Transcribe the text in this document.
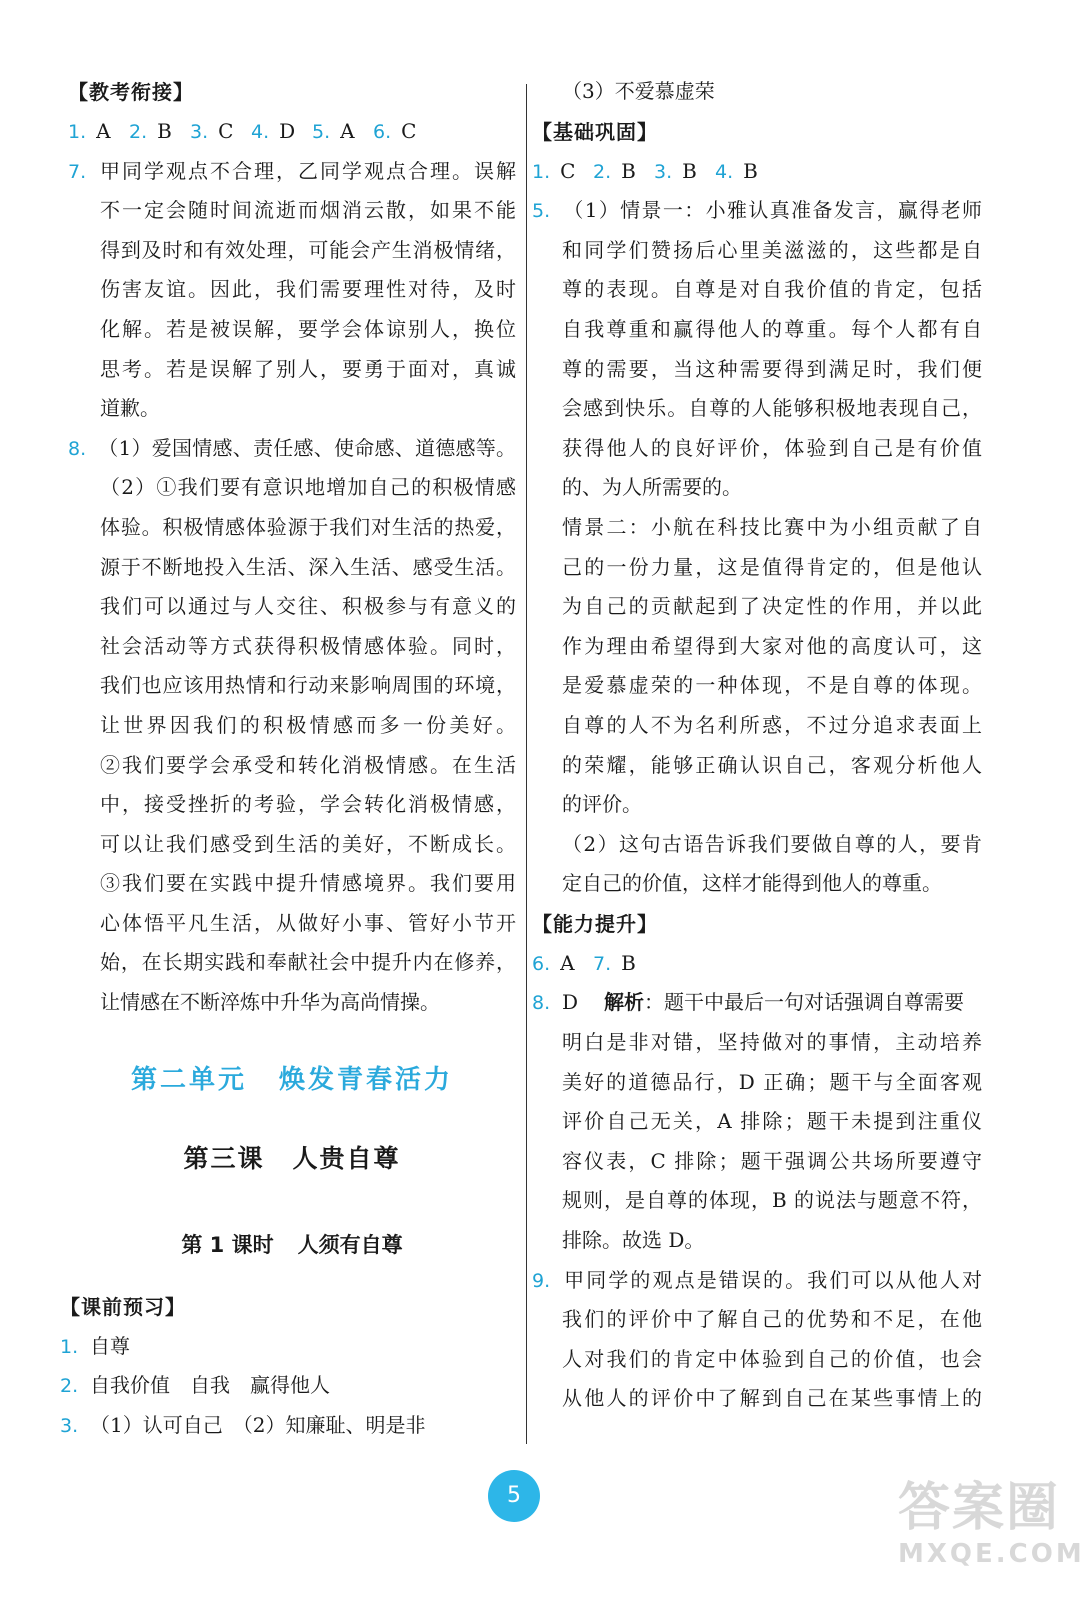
【教考衔接】
1. A 2. B 3. C 4. D 5. A 6. C
7. 甲同学观点不合理，乙同学观点合理。误解
不一定会随时间流逝而烟消云散，如果不能
得到及时和有效处理，可能会产生消极情绪，
伤害友谊。因此，我们需要理性对待，及时
化解。若是被误解，要学会体谅别人，换位
思考。若是误解了别人，要勇于面对，真诚
道歉。
8. （1）爱国情感、责任感、使命感、道德感等。
（2）①我们要有意识地增加自己的积极情感
体验。积极情感体验源于我们对生活的热爱，
源于不断地投入生活、深入生活、感受生活。
我们可以通过与人交往、积极参与有意义的
社会活动等方式获得积极情感体验。同时，
我们也应该用热情和行动来影响周围的环境，
让世界因我们的积极情感而多一份美好。
②我们要学会承受和转化消极情感。在生活
中，接受挫折的考验，学会转化消极情感，
可以让我们感受到生活的美好，不断成长。
③我们要在实践中提升情感境界。我们要用
心体悟平凡生活，从做好小事、管好小节开
始，在长期实践和奉献社会中提升内在修养，
让情感在不断淬炼中升华为高尚情操。
第二单元 焕发青春活力
第三课 人贵自尊
第 1 课时 人须有自尊
【课前预习】
1. 自尊
2. 自我价值　自我　赢得他人
3. （1）认可自己　（2）知廉耻、明是非
（3）不爱慕虚荣
【基础巩固】
1. C 2. B 3. B 4. B
5. （1）情景一：小雅认真准备发言，赢得老师
和同学们赞扬后心里美滋滋的，这些都是自
尊的表现。自尊是对自我价值的肯定，包括
自我尊重和赢得他人的尊重。每个人都有自
尊的需要，当这种需要得到满足时，我们便
会感到快乐。自尊的人能够积极地表现自己，
获得他人的良好评价，体验到自己是有价值
的、为人所需要的。
情景二：小航在科技比赛中为小组贡献了自
己的一份力量，这是值得肯定的，但是他认
为自己的贡献起到了决定性的作用，并以此
作为理由希望得到大家对他的高度认可，这
是爱慕虚荣的一种体现，不是自尊的体现。
自尊的人不为名利所惑，不过分追求表面上
的荣耀，能够正确认识自己，客观分析他人
的评价。
（2）这句古语告诉我们要做自尊的人，要肯
定自己的价值，这样才能得到他人的尊重。
【能力提升】
6. A 7. B
8. D 解析：题干中最后一句对话强调自尊需要
明白是非对错，坚持做对的事情，主动培养
美好的道德品行，D 正确；题干与全面客观
评价自己无关，A 排除；题干未提到注重仪
容仪表，C 排除；题干强调公共场所要遵守
规则，是自尊的体现，B 的说法与题意不符，
排除。故选 D。
9. 甲同学的观点是错误的。我们可以从他人对
我们的评价中了解自己的优势和不足，在他
人对我们的肯定中体验到自己的价值，也会
从他人的评价中了解到自己在某些事情上的
5	答案圈
MXQE.COM
